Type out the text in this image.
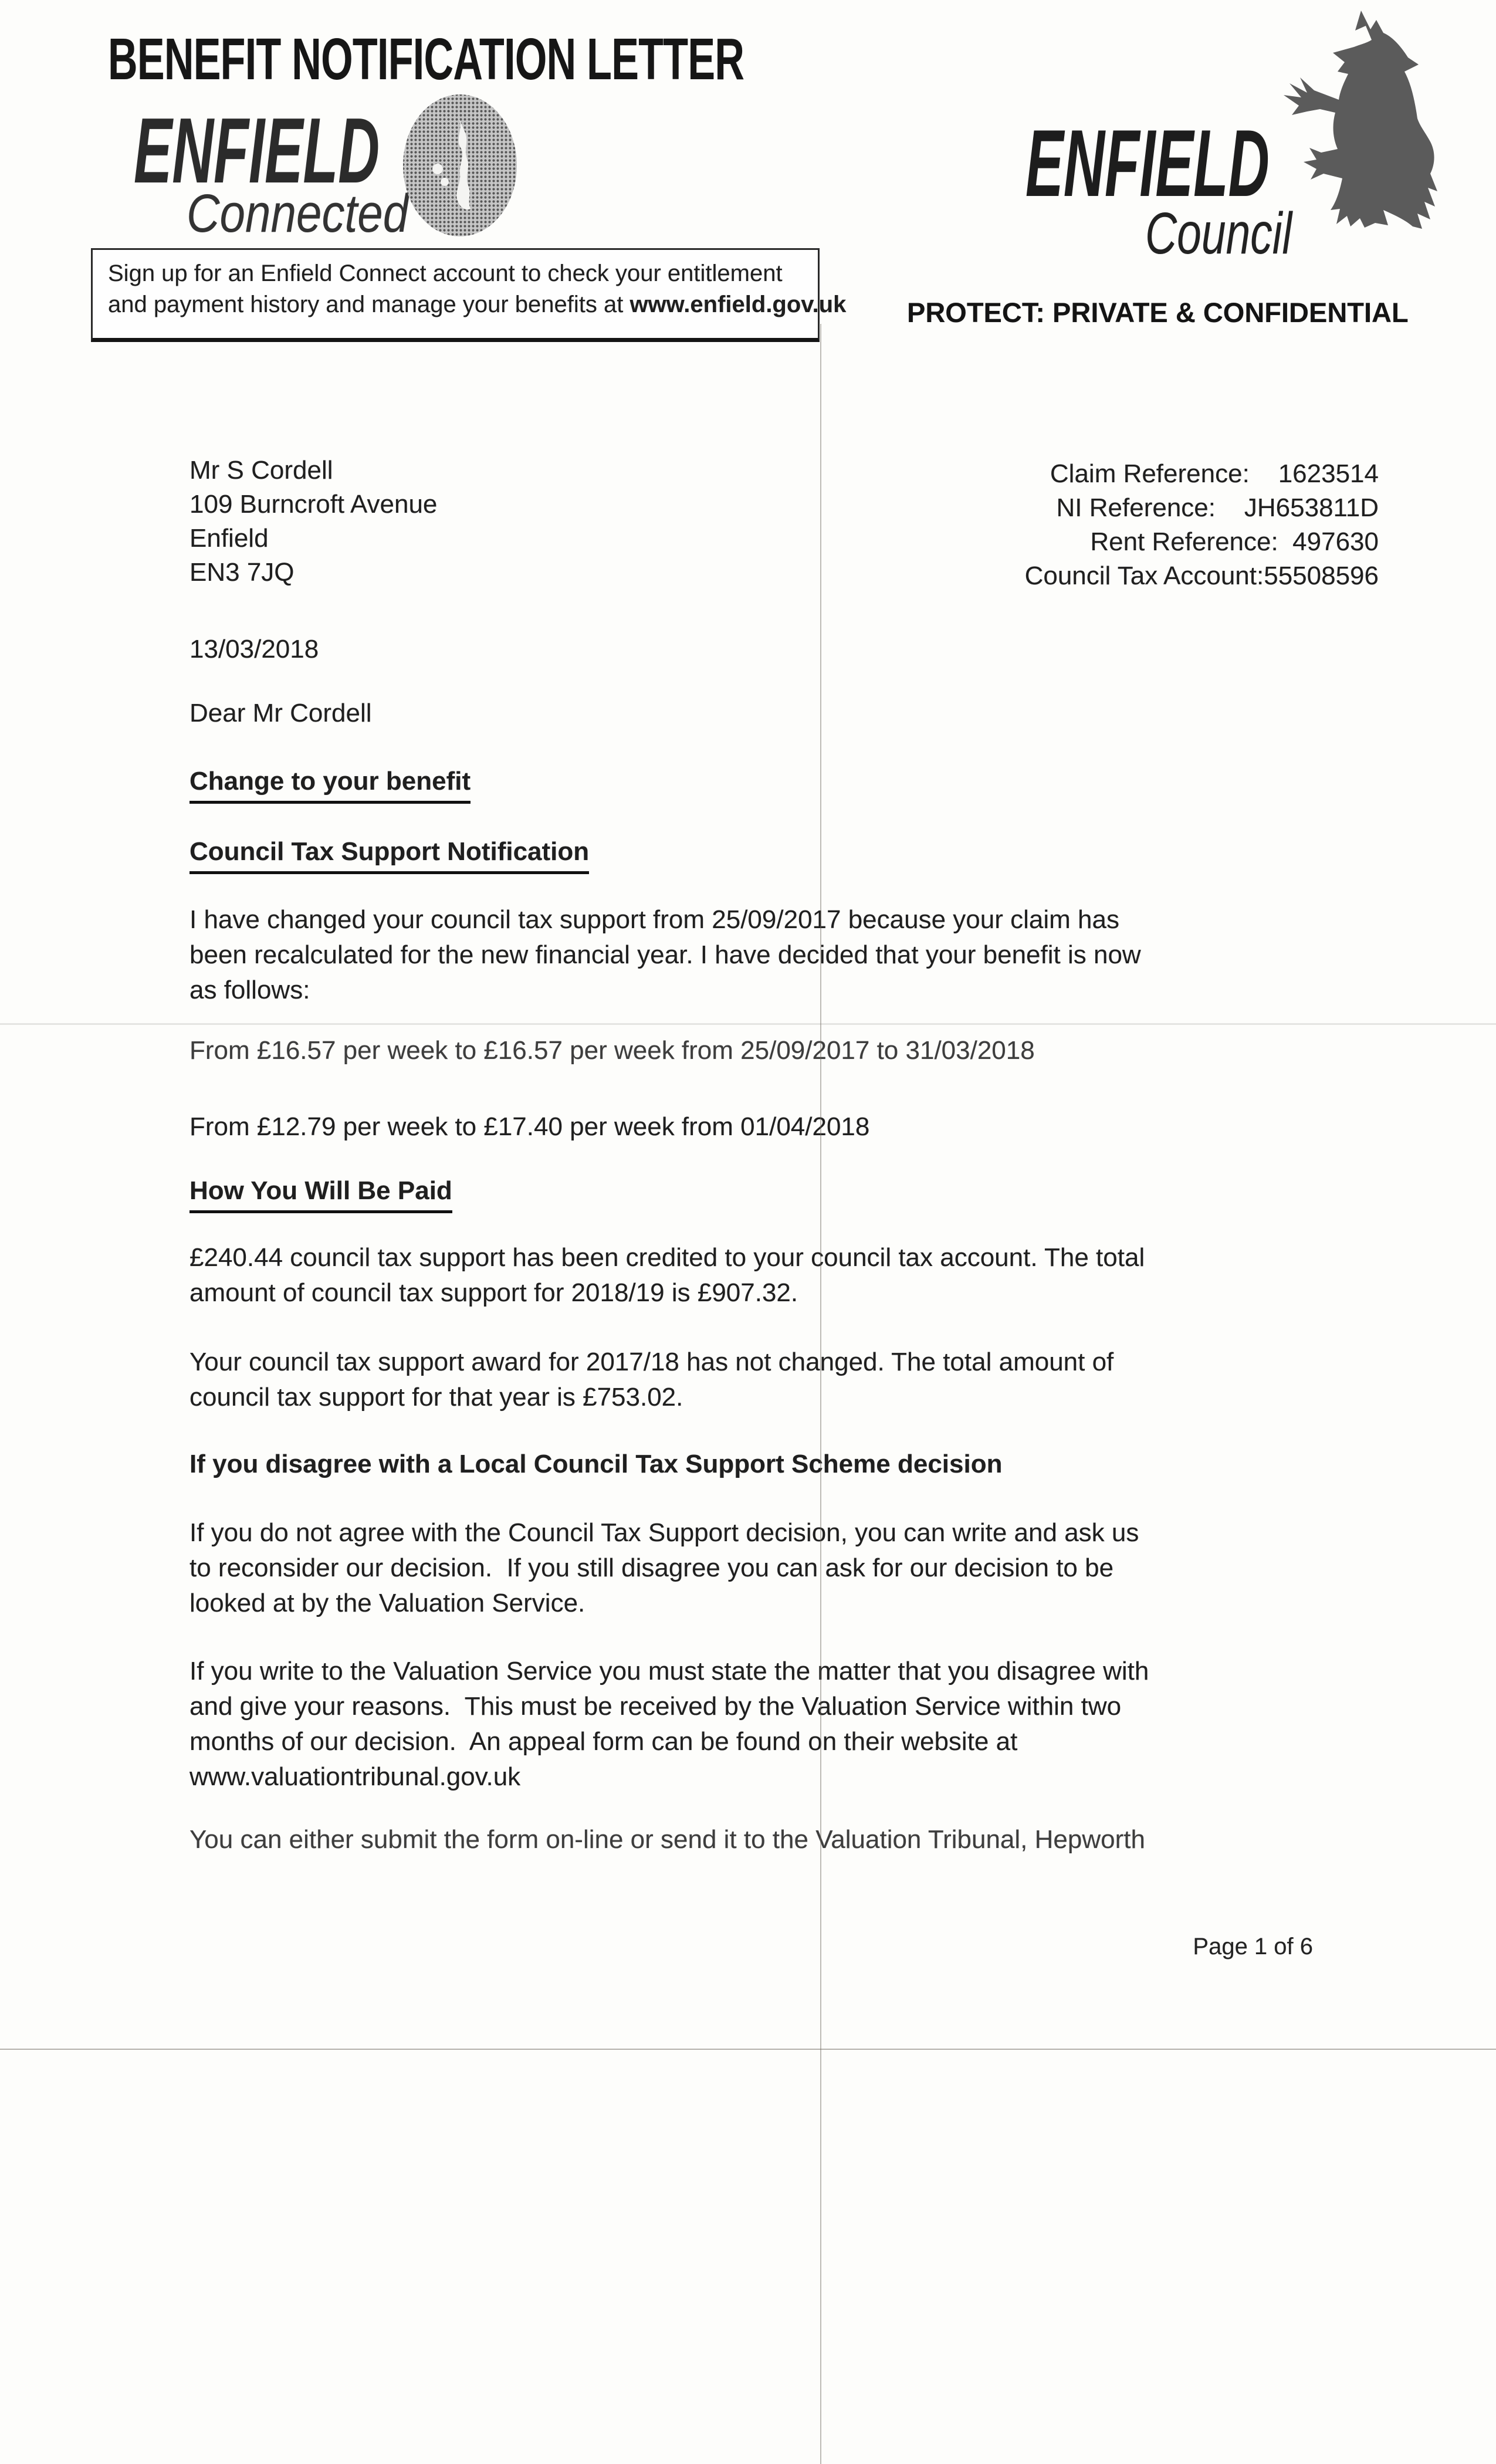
BENEFIT NOTIFICATION LETTER
ENFIELD
Connected	ENFIELD
Council
Sign up for an Enfield Connect account to check your entitlement
and payment history and manage your benefits at www.enfield.gov.uk PROTECT: PRIVATE & CONFIDENTIAL
Mr S Cordell
109 Burncroft Avenue
Enfield
EN3 7JQ
Claim Reference:    1623514
NI Reference:    JH653811D
Rent Reference:  497630
Council Tax Account:55508596
13/03/2018
Dear Mr Cordell
Change to your benefit
Council Tax Support Notification
I have changed your council tax support from 25/09/2017 because your claim has
been recalculated for the new financial year. I have decided that your benefit is now
as follows:
From £16.57 per week to £16.57 per week from 25/09/2017 to 31/03/2018
From £12.79 per week to £17.40 per week from 01/04/2018
How You Will Be Paid
£240.44 council tax support has been credited to your council tax account. The total
amount of council tax support for 2018/19 is £907.32.
Your council tax support award for 2017/18 has not changed. The total amount of
council tax support for that year is £753.02.
If you disagree with a Local Council Tax Support Scheme decision
If you do not agree with the Council Tax Support decision, you can write and ask us
to reconsider our decision.  If you still disagree you can ask for our decision to be
looked at by the Valuation Service.
If you write to the Valuation Service you must state the matter that you disagree with
and give your reasons.  This must be received by the Valuation Service within two
months of our decision.  An appeal form can be found on their website at
www.valuationtribunal.gov.uk
You can either submit the form on-line or send it to the Valuation Tribunal, Hepworth
Page 1 of 6
